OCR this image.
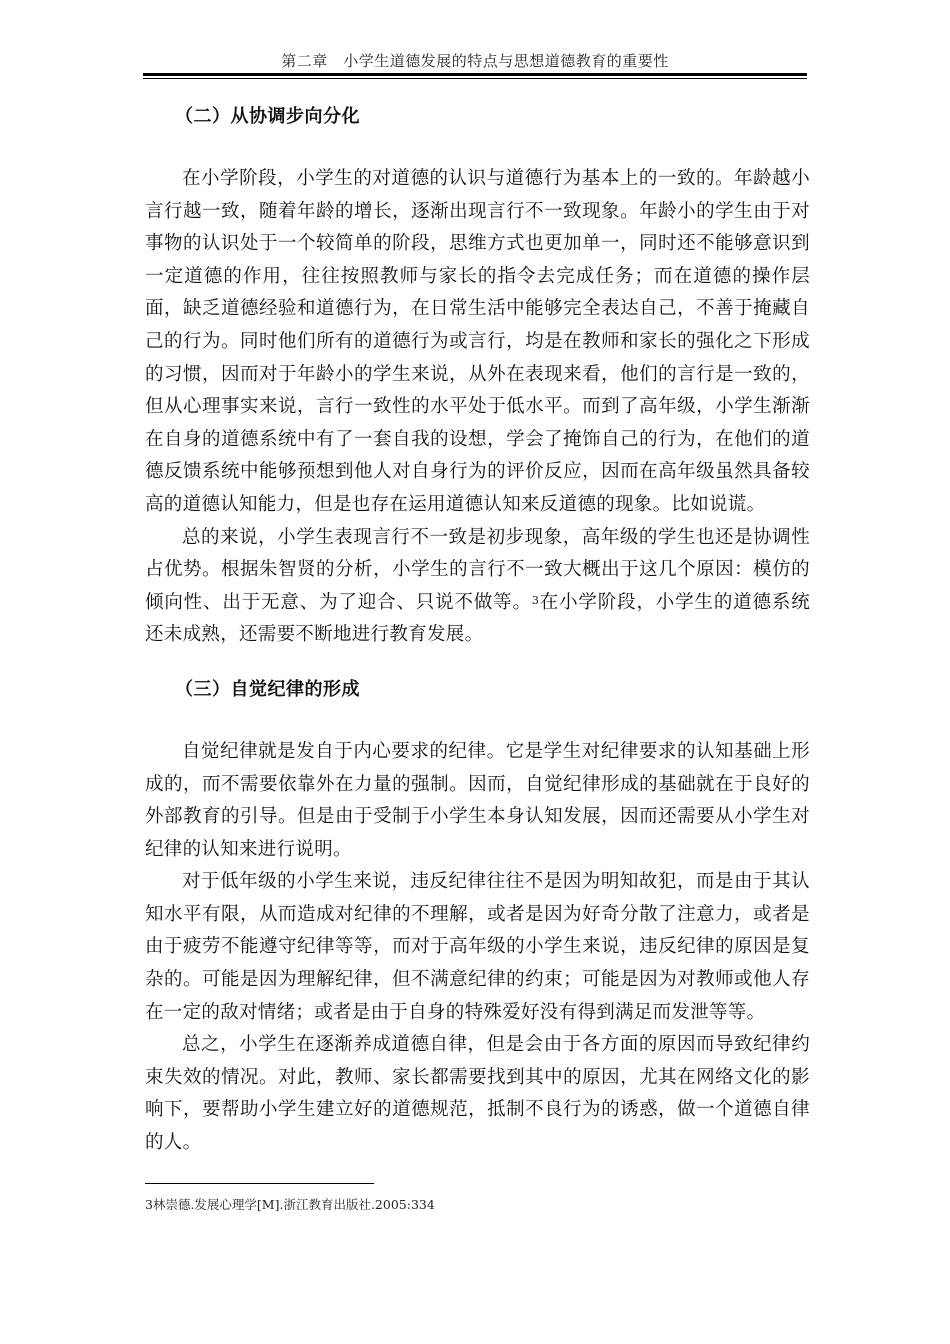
第二章　小学生道德发展的特点与思想道德教育的重要性
（二）从协调步向分化

在小学阶段，小学生的对道德的认识与道德行为基本上的一致的。年龄越小言行越一致，随着年龄的增长，逐渐出现言行不一致现象。年龄小的学生由于对事物的认识处于一个较简单的阶段，思维方式也更加单一，同时还不能够意识到一定道德的作用，往往按照教师与家长的指令去完成任务；而在道德的操作层面，缺乏道德经验和道德行为，在日常生活中能够完全表达自己，不善于掩藏自己的行为。同时他们所有的道德行为或言行，均是在教师和家长的强化之下形成的习惯，因而对于年龄小的学生来说，从外在表现来看，他们的言行是一致的，但从心理事实来说，言行一致性的水平处于低水平。而到了高年级，小学生渐渐在自身的道德系统中有了一套自我的设想，学会了掩饰自己的行为，在他们的道德反馈系统中能够预想到他人对自身行为的评价反应，因而在高年级虽然具备较高的道德认知能力，但是也存在运用道德认知来反道德的现象。比如说谎。

总的来说，小学生表现言行不一致是初步现象，高年级的学生也还是协调性占优势。根据朱智贤的分析，小学生的言行不一致大概出于这几个原因：模仿的倾向性、出于无意、为了迎合、只说不做等。$^3$在小学阶段，小学生的道德系统还未成熟，还需要不断地进行教育发展。

（三）自觉纪律的形成

自觉纪律就是发自于内心要求的纪律。它是学生对纪律要求的认知基础上形成的，而不需要依靠外在力量的强制。因而，自觉纪律形成的基础就在于良好的外部教育的引导。但是由于受制于小学生本身认知发展，因而还需要从小学生对纪律的认知来进行说明。

对于低年级的小学生来说，违反纪律往往不是因为明知故犯，而是由于其认知水平有限，从而造成对纪律的不理解，或者是因为好奇分散了注意力，或者是由于疲劳不能遵守纪律等等，而对于高年级的小学生来说，违反纪律的原因是复杂的。可能是因为理解纪律，但不满意纪律的约束；可能是因为对教师或他人存在一定的敌对情绪；或者是由于自身的特殊爱好没有得到满足而发泄等等。

总之，小学生在逐渐养成道德自律，但是会由于各方面的原因而导致纪律约束失效的情况。对此，教师、家长都需要找到其中的原因，尤其在网络文化的影响下，要帮助小学生建立好的道德规范，抵制不良行为的诱惑，做一个道德自律的人。

3林崇德.发展心理学[M].浙江教育出版社.2005:334
